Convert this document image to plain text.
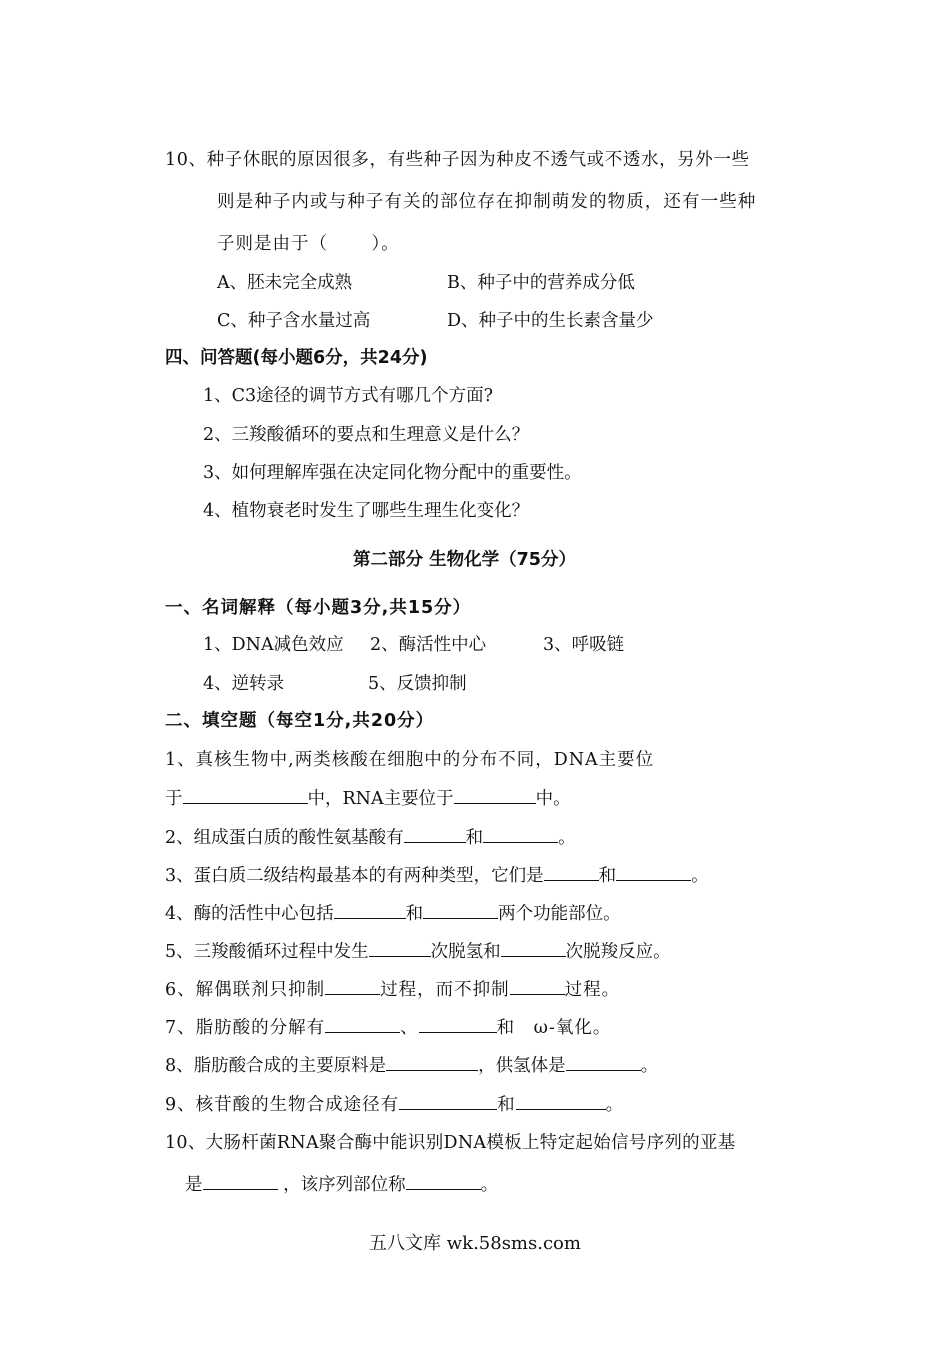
10、种子休眠的原因很多，有些种子因为种皮不透气或不透水，另外一些
则是种子内或与种子有关的部位存在抑制萌发的物质，还有一些种
子则是由于（　　 ）。
A、胚未完全成熟	B、种子中的营养成分低
C、种子含水量过高	D、种子中的生长素含量少
四、问答题(每小题6分，共24分)
1、C3途径的调节方式有哪几个方面?
2、三羧酸循环的要点和生理意义是什么？
3、如何理解库强在决定同化物分配中的重要性。
4、植物衰老时发生了哪些生理生化变化？
第二部分 生物化学（75分）
一、名词解释（每小题3分,共15分）
1、DNA减色效应 2、酶活性中心	3、呼吸链
4、逆转录	5、反馈抑制
二、填空题（每空1分,共20分）
1、真核生物中,两类核酸在细胞中的分布不同，DNA主要位
于	中，RNA主要位于	中。
2、组成蛋白质的酸性氨基酸有	和	。
3、蛋白质二级结构最基本的有两种类型，它们是	和	。
4、酶的活性中心包括	和	两个功能部位。
5、三羧酸循环过程中发生	次脱氢和	次脱羧反应。
6、解偶联剂只抑制	过程，而不抑制	过程。
7、脂肪酸的分解有	、	和　ω-氧化。
8、脂肪酸合成的主要原料是	，供氢体是	。
9、核苷酸的生物合成途径有	和	。
10、大肠杆菌RNA聚合酶中能识别DNA模板上特定起始信号序列的亚基
是	，该序列部位称	。
五八文库 wk.58sms.com
